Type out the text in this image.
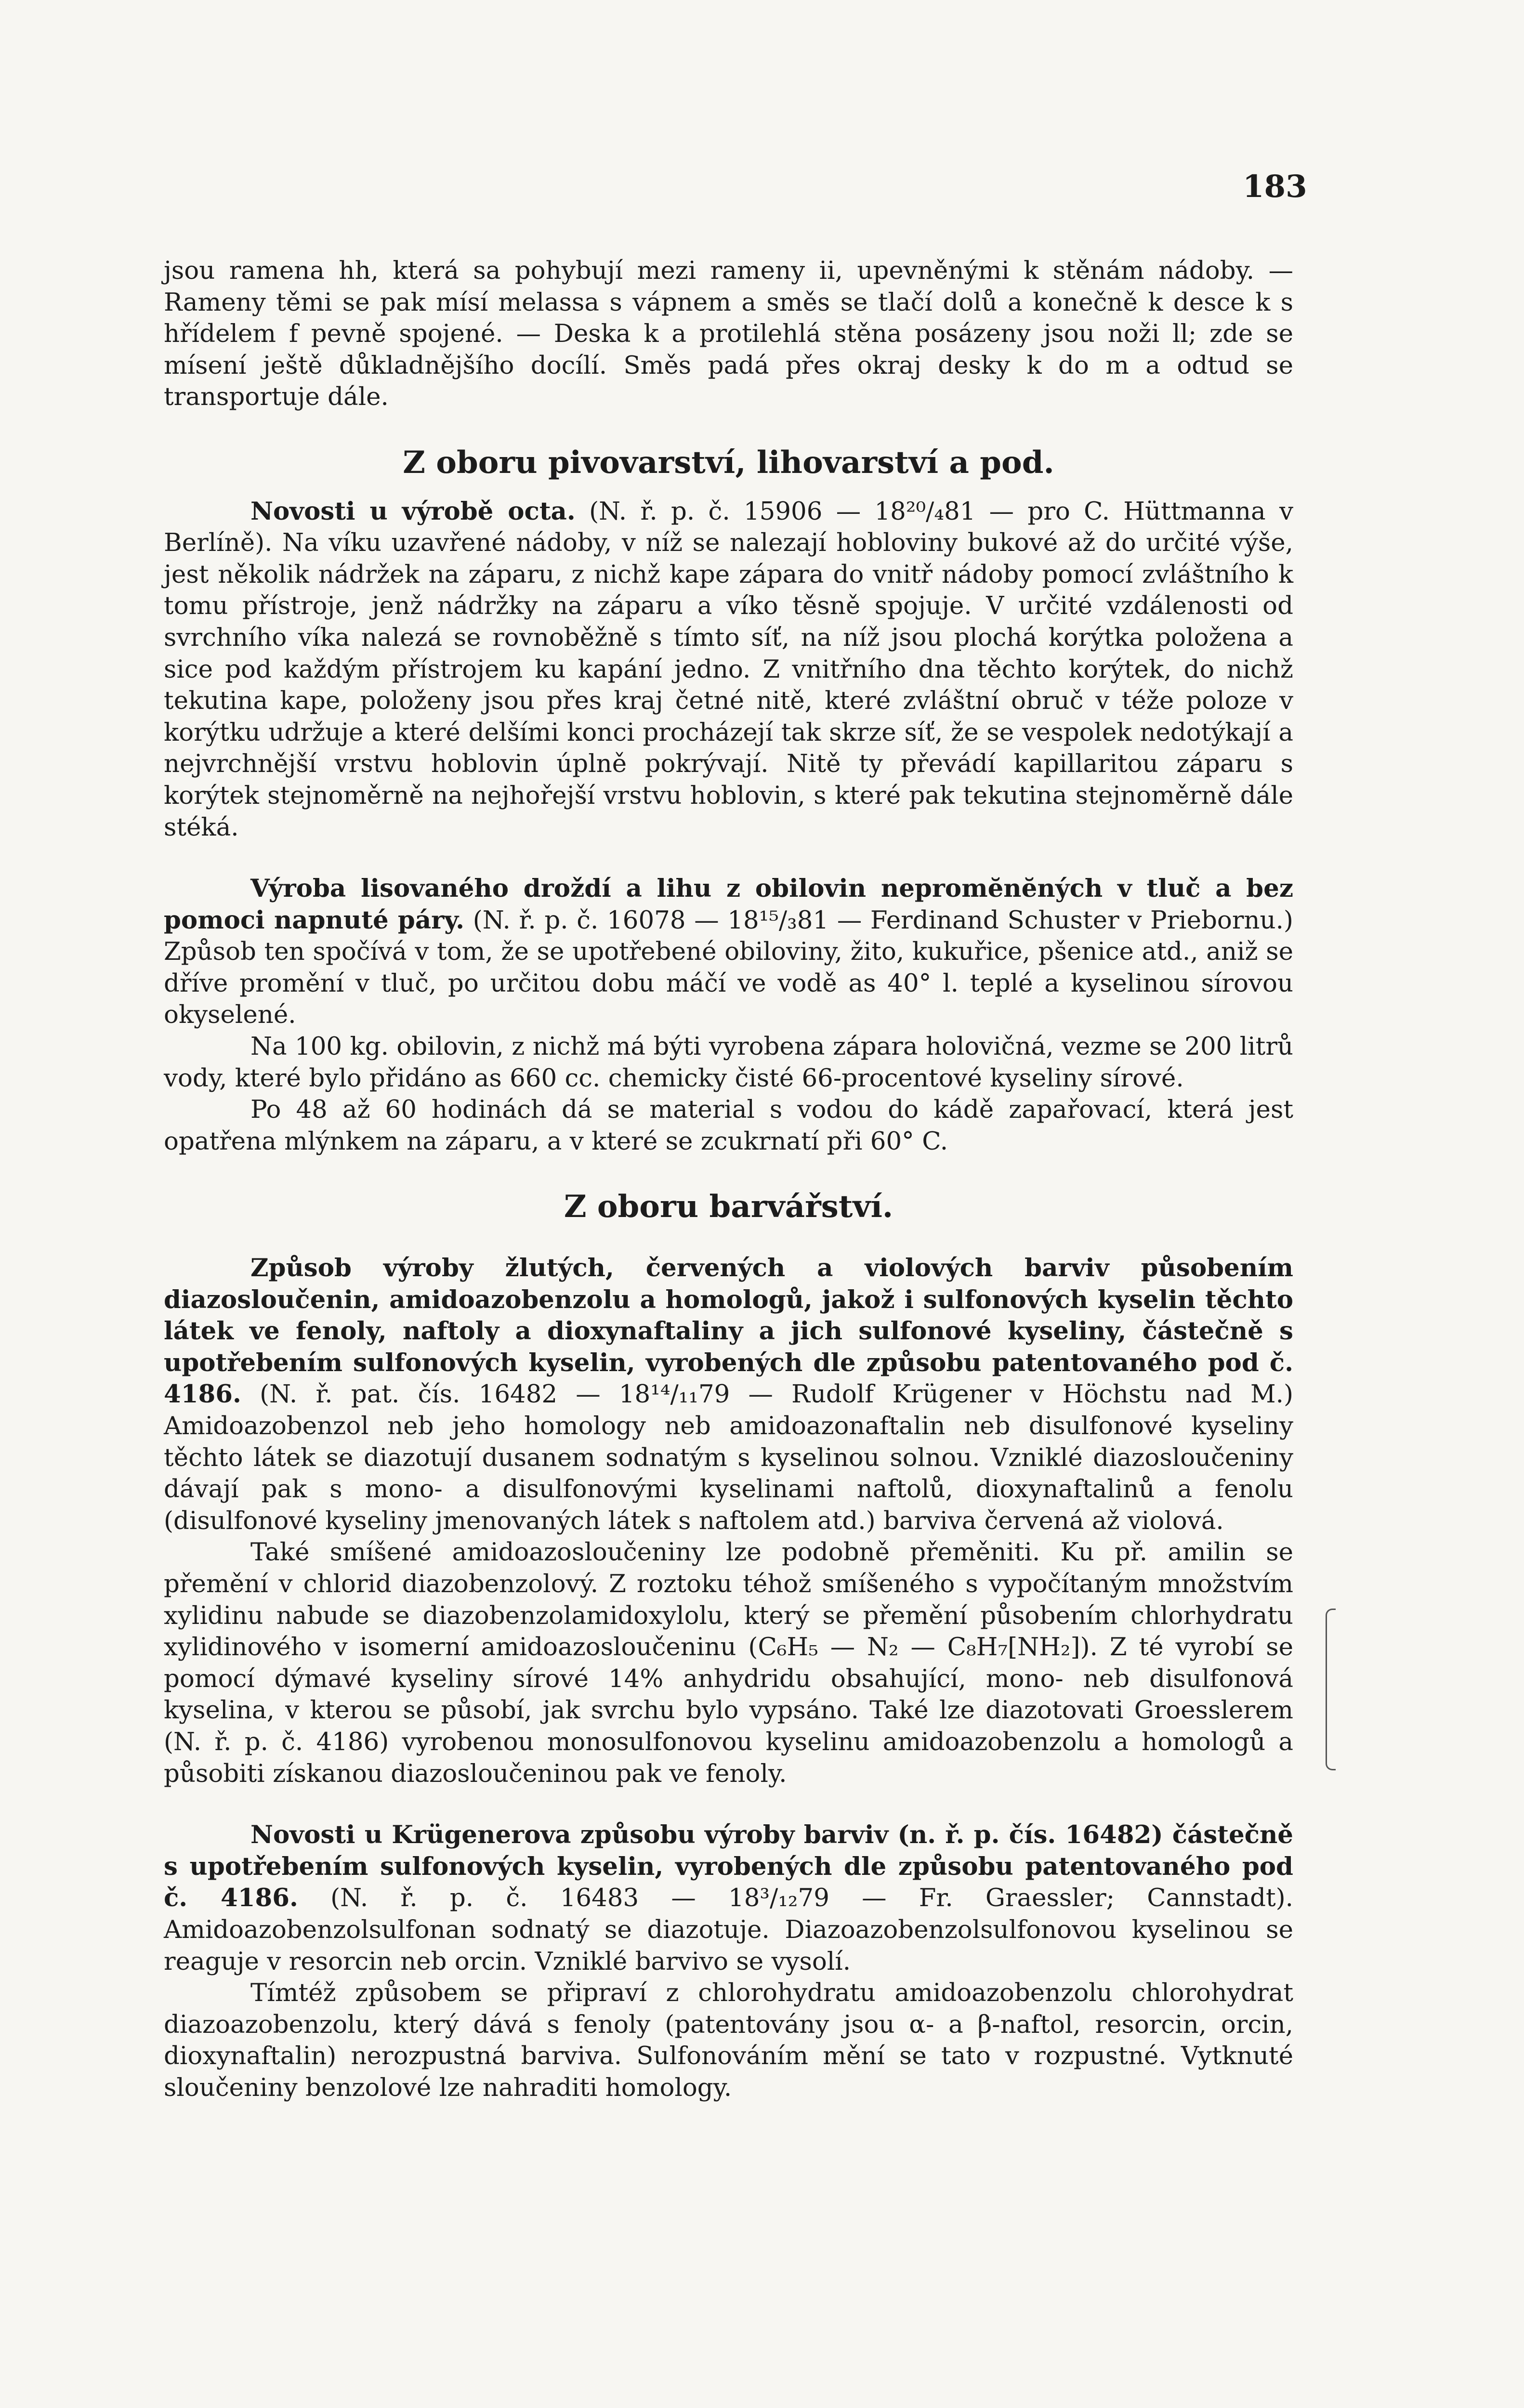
183

jsou ramena hh, která sa pohybují mezi rameny ii, upevněnými k stěnám nádoby. — Rameny těmi se pak mísí melassa s vápnem a směs se tlačí dolů a konečně k desce k s hřídelem f pevně spojené. — Deska k a protilehlá stěna posázeny jsou noži ll; zde se mísení ještě důkladnějšího docílí. Směs padá přes okraj desky k do m a odtud se transportuje dále.

Z oboru pivovarství, lihovarství a pod.

Novosti u výrobě octa. (N. ř. p. č. 15906 — 18²⁰/₄81 — pro C. Hüttmanna v Berlíně). Na víku uzavřené nádoby, v níž se nalezají hobloviny bukové až do určité výše, jest několik nádržek na záparu, z nichž kape zápara do vnitř nádoby pomocí zvláštního k tomu přístroje, jenž nádržky na záparu a víko těsně spojuje. V určité vzdálenosti od svrchního víka nalezá se rovnoběžně s tímto síť, na níž jsou plochá korýtka položena a sice pod každým přístrojem ku kapání jedno. Z vnitřního dna těchto korýtek, do nichž tekutina kape, položeny jsou přes kraj četné nitě, které zvláštní obruč v téže poloze v korýtku udržuje a které delšími konci procházejí tak skrze síť, že se vespolek nedotýkají a nejvrchnější vrstvu hoblovin úplně pokrývají. Nitě ty převádí kapillaritou záparu s korýtek stejnoměrně na nejhořejší vrstvu hoblovin, s které pak tekutina stejnoměrně dále stéká.

Výroba lisovaného droždí a lihu z obilovin nepromĕnĕných v tluč a bez pomoci napnuté páry. (N. ř. p. č. 16078 — 18¹⁵/₃81 — Ferdinand Schuster v Priebornu.) Způsob ten spočívá v tom, že se upotřebené obiloviny, žito, kukuřice, pšenice atd., aniž se dříve promění v tluč, po určitou dobu máčí ve vodě as 40° l. teplé a kyselinou sírovou okyselené.

Na 100 kg. obilovin, z nichž má býti vyrobena zápara holovičná, vezme se 200 litrů vody, které bylo přidáno as 660 cc. chemicky čisté 66-procentové kyseliny sírové.

Po 48 až 60 hodinách dá se material s vodou do kádě zapařovací, která jest opatřena mlýnkem na záparu, a v které se zcukrnatí při 60° C.

Z oboru barvářství.

Způsob výroby žlutých, červených a violových barviv působením diazosloučenin, amidoazobenzolu a homologů, jakož i sulfonových kyselin těchto látek ve fenoly, naftoly a dioxynaftaliny a jich sulfonové kyseliny, částečně s upotřebením sulfonových kyselin, vyrobených dle způsobu patentovaného pod č. 4186. (N. ř. pat. čís. 16482 — 18¹⁴/₁₁79 — Rudolf Krügener v Höchstu nad M.) Amidoazobenzol neb jeho homology neb amidoazonaftalin neb disulfonové kyseliny těchto látek se diazotují dusanem sodnatým s kyselinou solnou. Vzniklé diazosloučeniny dávají pak s mono- a disulfonovými kyselinami naftolů, dioxynaftalinů a fenolu (disulfonové kyseliny jmenovaných látek s naftolem atd.) barviva červená až violová.

Také smíšené amidoazosloučeniny lze podobně přeměniti. Ku př. amilin se přemění v chlorid diazobenzolový. Z roztoku téhož smíšeného s vypočítaným množstvím xylidinu nabude se diazobenzolamidoxylolu, který se přemění působením chlorhydratu xylidinového v isomerní amidoazosloučeninu (C₆H₅ — N₂ — C₈H₇[NH₂]). Z té vyrobí se pomocí dýmavé kyseliny sírové 14% anhydridu obsahující, mono- neb disulfonová kyselina, v kterou se působí, jak svrchu bylo vypsáno. Také lze diazotovati Groesslerem (N. ř. p. č. 4186) vyrobenou monosulfonovou kyselinu amidoazobenzolu a homologů a působiti získanou diazosloučeninou pak ve fenoly.

Novosti u Krügenerova způsobu výroby barviv (n. ř. p. čís. 16482) částečně s upotřebením sulfonových kyselin, vyrobených dle způsobu patentovaného pod č. 4186. (N. ř. p. č. 16483 — 18³/₁₂79 — Fr. Graessler; Cannstadt). Amidoazobenzolsulfonan sodnatý se diazotuje. Diazoazobenzolsulfonovou kyselinou se reaguje v resorcin neb orcin. Vzniklé barvivo se vysolí.

Tímtéž způsobem se připraví z chlorohydratu amidoazobenzolu chlorohydrat diazoazobenzolu, který dává s fenoly (patentovány jsou α- a β-naftol, resorcin, orcin, dioxynaftalin) nerozpustná barviva. Sulfonováním mění se tato v rozpustné. Vytknuté sloučeniny benzolové lze nahraditi homology.
